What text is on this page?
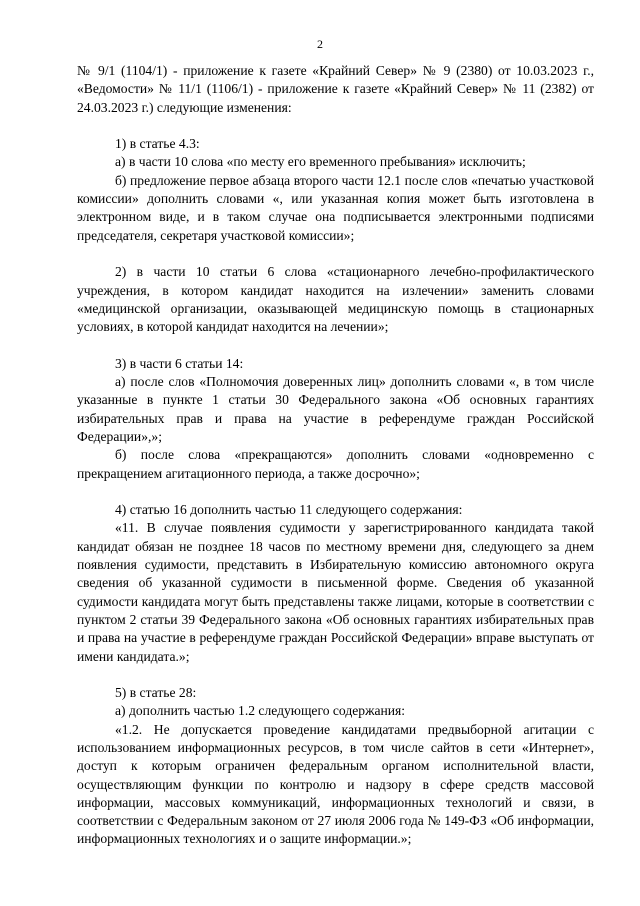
2

№ 9/1 (1104/1) - приложение к газете «Крайний Север» № 9 (2380) от 10.03.2023 г., «Ведомости» № 11/1 (1106/1) - приложение к газете «Крайний Север» № 11 (2382) от 24.03.2023 г.) следующие изменения:

1) в статье 4.3:

а) в части 10 слова «по месту его временного пребывания» исключить;

б) предложение первое абзаца второго части 12.1 после слов «печатью участковой комиссии» дополнить словами «, или указанная копия может быть изготовлена в электронном виде, и в таком случае она подписывается электронными подписями председателя, секретаря участковой комиссии»;

2) в части 10 статьи 6 слова «стационарного лечебно-профилактического учреждения, в котором кандидат находится на излечении» заменить словами «медицинской организации, оказывающей медицинскую помощь в стационарных условиях, в которой кандидат находится на лечении»;

3) в части 6 статьи 14:

а) после слов «Полномочия доверенных лиц» дополнить словами «, в том числе указанные в пункте 1 статьи 30 Федерального закона «Об основных гарантиях избирательных прав и права на участие в референдуме граждан Российской Федерации»,»;

б) после слова «прекращаются» дополнить словами «одновременно с прекращением агитационного периода, а также досрочно»;

4) статью 16 дополнить частью 11 следующего содержания:

«11. В случае появления судимости у зарегистрированного кандидата такой кандидат обязан не позднее 18 часов по местному времени дня, следующего за днем появления судимости, представить в Избирательную комиссию автономного округа сведения об указанной судимости в письменной форме. Сведения об указанной судимости кандидата могут быть представлены также лицами, которые в соответствии с пунктом 2 статьи 39 Федерального закона «Об основных гарантиях избирательных прав и права на участие в референдуме граждан Российской Федерации» вправе выступать от имени кандидата.»;

5) в статье 28:

а) дополнить частью 1.2 следующего содержания:

«1.2. Не допускается проведение кандидатами предвыборной агитации с использованием информационных ресурсов, в том числе сайтов в сети «Интернет», доступ к которым ограничен федеральным органом исполнительной власти, осуществляющим функции по контролю и надзору в сфере средств массовой информации, массовых коммуникаций, информационных технологий и связи, в соответствии с Федеральным законом от 27 июля 2006 года № 149-ФЗ «Об информации, информационных технологиях и о защите информации.»;
